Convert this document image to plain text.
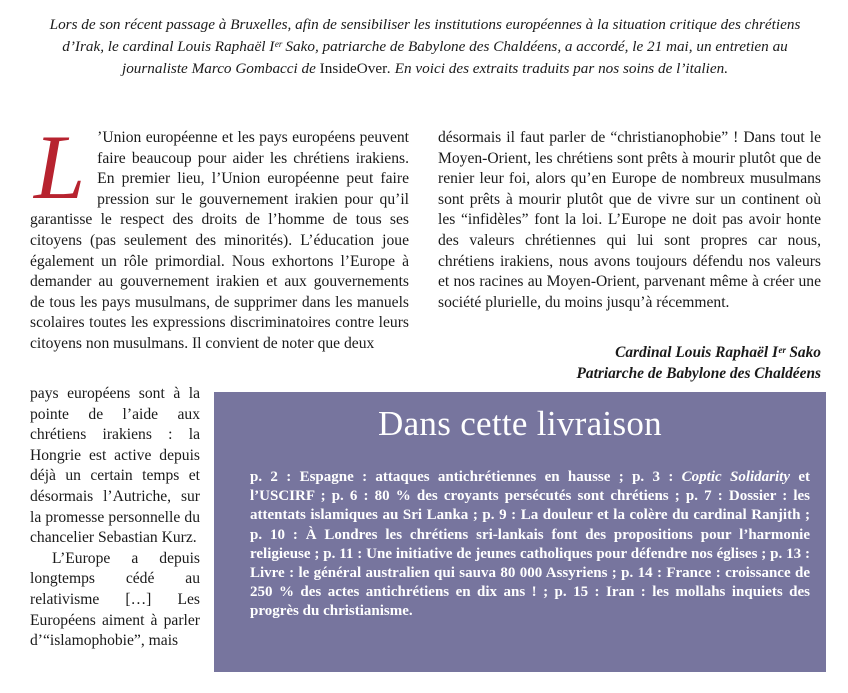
Lors de son récent passage à Bruxelles, afin de sensibiliser les institutions européennes à la situation critique des chrétiens d’Irak, le cardinal Louis Raphaël Iᵉʳ Sako, patriarche de Babylone des Chaldéens, a accordé, le 21 mai, un entretien au journaliste Marco Gombacci de InsideOver. En voici des extraits traduits par nos soins de l’italien.
L ’Union européenne et les pays européens peuvent faire beaucoup pour aider les chrétiens irakiens. En premier lieu, l’Union européenne peut faire pression sur le gouvernement irakien pour qu’il garantisse le respect des droits de l’homme de tous ses citoyens (pas seulement des minorités). L’éducation joue également un rôle primordial. Nous exhortons l’Europe à demander au gouvernement irakien et aux gouvernements de tous les pays musulmans, de supprimer dans les manuels scolaires toutes les expressions discriminatoires contre leurs citoyens non musulmans. Il convient de noter que deux

pays européens sont à la pointe de l’aide aux chrétiens irakiens : la Hongrie est active depuis déjà un certain temps et désormais l’Autriche, sur la promesse personnelle du chancelier Sebastian Kurz.

L’Europe a depuis longtemps cédé au relativisme […] Les Européens aiment à parler d’“islamophobie”, mais

désormais il faut parler de “christianophobie” ! Dans tout le Moyen-Orient, les chrétiens sont prêts à mourir plutôt que de renier leur foi, alors qu’en Europe de nombreux musulmans sont prêts à mourir plutôt que de vivre sur un continent où les “infidèles” font la loi. L’Europe ne doit pas avoir honte des valeurs chrétiennes qui lui sont propres car nous, chrétiens irakiens, nous avons toujours défendu nos valeurs et nos racines au Moyen-Orient, parvenant même à créer une société plurielle, du moins jusqu’à récemment.

Cardinal Louis Raphaël Iᵉʳ Sako
Patriarche de Babylone des Chaldéens
Dans cette livraison
p. 2 : Espagne : attaques antichrétiennes en hausse ; p. 3 : Coptic Solidarity et l’USCIRF ; p. 6 : 80 % des croyants persécutés sont chrétiens ; p. 7 : Dossier : les attentats islamiques au Sri Lanka ; p. 9 : La douleur et la colère du cardinal Ranjith ; p. 10 : À Londres les chrétiens sri-lankais font des propositions pour l’harmonie religieuse ; p. 11 : Une initiative de jeunes catholiques pour défendre nos églises ; p. 13 : Livre : le général australien qui sauva 80 000 Assyriens ; p. 14 : France : croissance de 250 % des actes antichrétiens en dix ans ! ; p. 15 : Iran : les mollahs inquiets des progrès du christianisme.
